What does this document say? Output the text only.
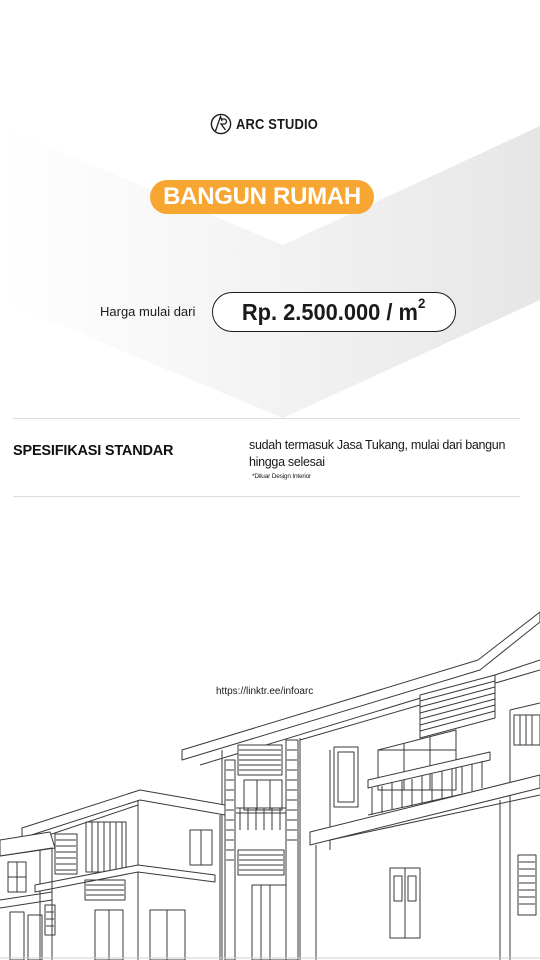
ARC STUDIO
BANGUN RUMAH
Harga mulai dari Rp. $2.500.000 / m^2$
SPESIFIKASI STANDAR	sudah termasuk Jasa Tukang, mulai dari bangun hingga selesai
*Diluar Design Interior
https://linktr.ee/infoarc
